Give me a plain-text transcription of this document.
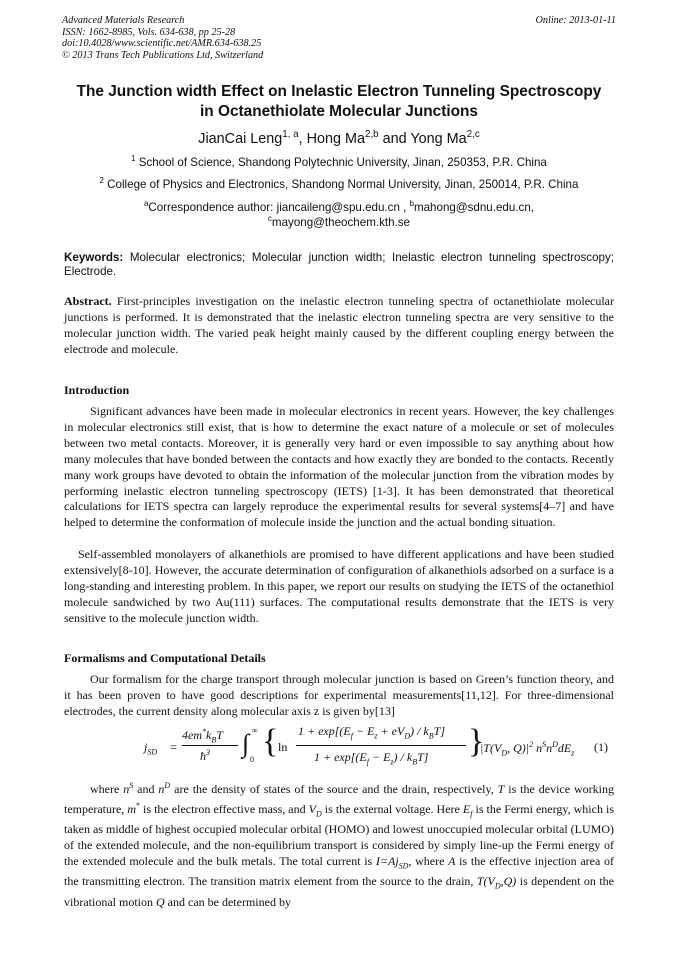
Advanced Materials Research
ISSN: 1662-8985, Vols. 634-638, pp 25-28
doi:10.4028/www.scientific.net/AMR.634-638.25
© 2013 Trans Tech Publications Ltd, Switzerland
Online: 2013-01-11
The Junction width Effect on Inelastic Electron Tunneling Spectroscopy
in Octanethiolate Molecular Junctions
JianCai Leng$^{1, a}$, Hong Ma$^{2,b}$ and Yong Ma$^{2,c}$
$^1$ School of Science, Shandong Polytechnic University, Jinan, 250353, P.R. China
$^2$ College of Physics and Electronics, Shandong Normal University, Jinan, 250014, P.R. China
$^a$Correspondence author: jiancaileng@spu.edu.cn , $^b$mahong@sdnu.edu.cn,
$^c$mayong@theochem.kth.se
Keywords: Molecular electronics; Molecular junction width; Inelastic electron tunneling spectroscopy; Electrode.
Abstract. First-principles investigation on the inelastic electron tunneling spectra of octanethiolate molecular junctions is performed. It is demonstrated that the inelastic electron tunneling spectra are very sensitive to the molecular junction width. The varied peak height mainly caused by the different coupling energy between the electrode and molecule.
Introduction
Significant advances have been made in molecular electronics in recent years. However, the key challenges in molecular electronics still exist, that is how to determine the exact nature of a molecule or set of molecules between two metal contacts. Moreover, it is generally very hard or even impossible to say anything about how many molecules that have bonded between the contacts and how exactly they are bonded to the contacts. Recently many work groups have devoted to obtain the information of the molecular junction from the vibration modes by performing inelastic electron tunneling spectroscopy (IETS) [1-3]. It has been demonstrated that theoretical calculations for IETS spectra can largely reproduce the experimental results for several systems[4–7] and have helped to determine the conformation of molecule inside the junction and the actual bonding situation.
Self-assembled monolayers of alkanethiols are promised to have different applications and have been studied extensively[8-10]. However, the accurate determination of configuration of alkanethiols adsorbed on a surface is a long-standing and interesting problem. In this paper, we report our results on studying the IETS of the octanethiol molecule sandwiched by two Au(111) surfaces. The computational results demonstrate that the IETS is very sensitive to the molecule junction width.
Formalisms and Computational Details
Our formalism for the charge transport through molecular junction is based on Green’s function theory, and it has been proven to have good descriptions for experimental measurements[11,12]. For three-dimensional electrodes, the current density along molecular axis z is given by[13]
$j_{SD}$ =
$4em^*k_BT$
$ħ^3$ ∫ ∞
0 { ln
$1 + \exp[(E_f - E_z + eV_D) / k_BT]$
$1 + \exp[(E_f - E_z) / k_BT]$ }
$|T(V_D$, $Q)|^2$ $n^Sn^DdE_z$ (1)
where $n^S$ and $n^D$ are the density of states of the source and the drain, respectively, T is the device working temperature, m* is the electron effective mass, and $V_D$ is the external voltage. Here $E_f$ is the Fermi energy, which is taken as middle of highest occupied molecular orbital (HOMO) and lowest unoccupied molecular orbital (LUMO) of the extended molecule, and the non-equilibrium transport is considered by simply line-up the Fermi energy of the extended molecule and the bulk metals. The total current is $I=Aj_{SD}$, where A is the effective injection area of the transmitting electron. The transition matrix element from the source to the drain, $T(V_D,Q)$ is dependent on the vibrational motion Q and can be determined by
